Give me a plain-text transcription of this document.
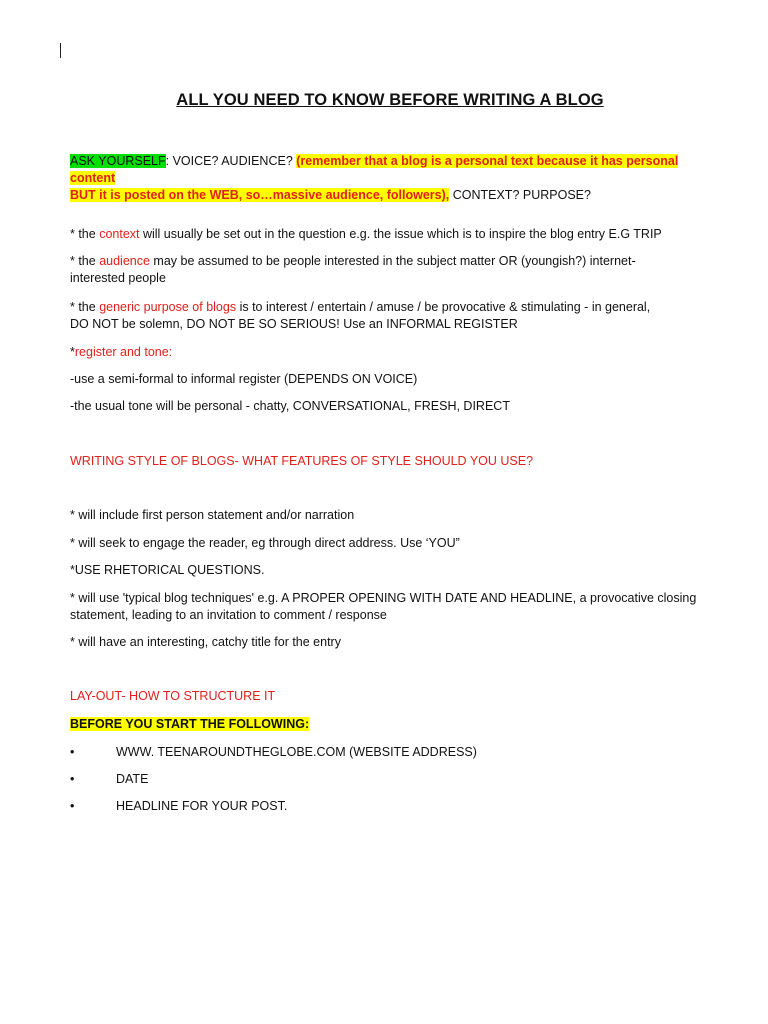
ALL YOU NEED TO KNOW BEFORE WRITING A BLOG

ASK YOURSELF: VOICE? AUDIENCE? (remember that a blog is a personal text because it has personal content
BUT it is posted on the WEB, so…massive audience, followers), CONTEXT? PURPOSE?

* the context will usually be set out in the question e.g. the issue which is to inspire the blog entry E.G TRIP

* the audience may be assumed to be people interested in the subject matter OR (youngish?) internet-
interested people

* the generic purpose of blogs is to interest / entertain / amuse / be provocative & stimulating - in general,
DO NOT be solemn, DO NOT BE SO SERIOUS! Use an INFORMAL REGISTER

*register and tone:

-use a semi-formal to informal register (DEPENDS ON VOICE)

-the usual tone will be personal - chatty, CONVERSATIONAL, FRESH, DIRECT

WRITING STYLE OF BLOGS- WHAT FEATURES OF STYLE SHOULD YOU USE?

* will include first person statement and/or narration

* will seek to engage the reader, eg through direct address. Use ‘YOU”

*USE RHETORICAL QUESTIONS.

* will use 'typical blog techniques' e.g. A PROPER OPENING WITH DATE AND HEADLINE, a provocative closing
statement, leading to an invitation to comment / response

* will have an interesting, catchy title for the entry

LAY-OUT- HOW TO STRUCTURE IT

BEFORE YOU START THE FOLLOWING:

•	WWW. TEENAROUNDTHEGLOBE.COM (WEBSITE ADDRESS)
•	DATE
•	HEADLINE FOR YOUR POST.
